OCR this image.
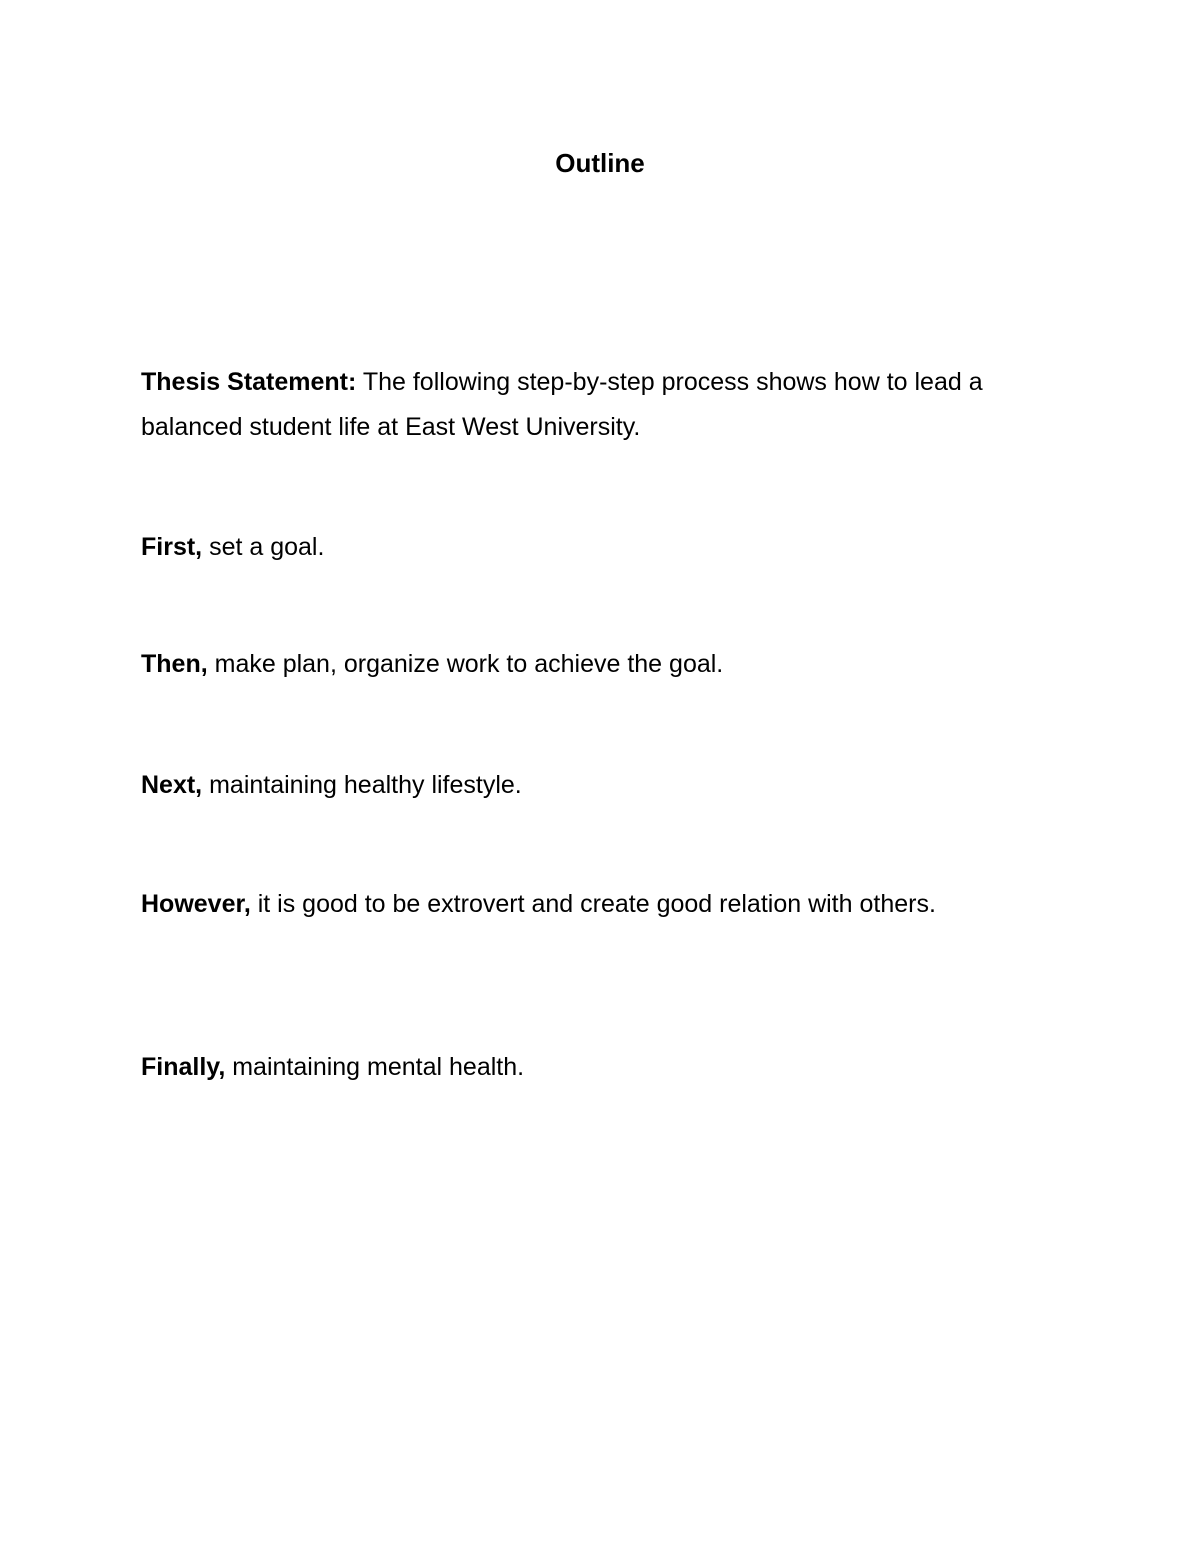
Outline
Thesis Statement: The following step-by-step process shows how to lead a balanced student life at East West University.
First, set a goal.
Then, make plan, organize work to achieve the goal.
Next, maintaining healthy lifestyle.
However, it is good to be extrovert and create good relation with others.
Finally, maintaining mental health.
